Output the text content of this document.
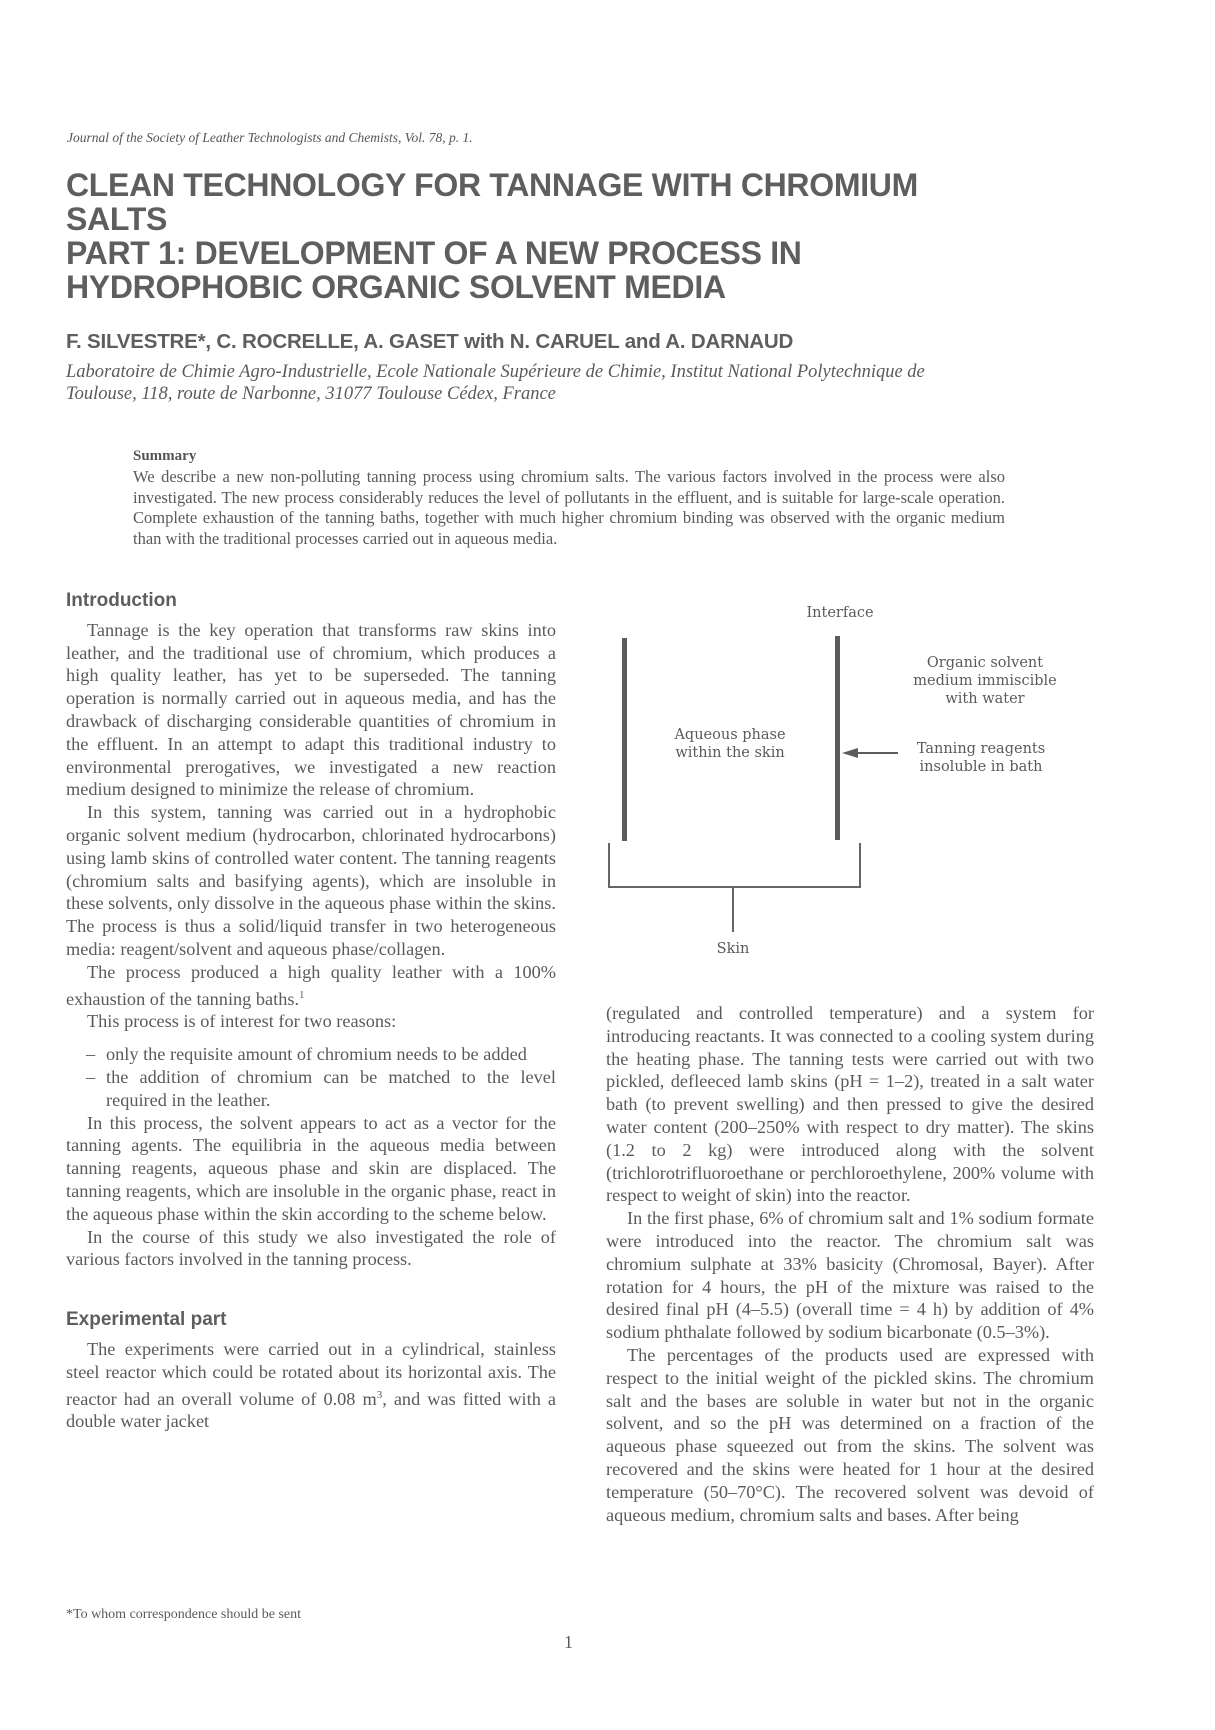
Journal of the Society of Leather Technologists and Chemists, Vol. 78, p. 1.
CLEAN TECHNOLOGY FOR TANNAGE WITH CHROMIUM
SALTS
PART 1: DEVELOPMENT OF A NEW PROCESS IN
HYDROPHOBIC ORGANIC SOLVENT MEDIA
F. SILVESTRE*, C. ROCRELLE, A. GASET with N. CARUEL and A. DARNAUD
Laboratoire de Chimie Agro-Industrielle, Ecole Nationale Supérieure de Chimie, Institut National Polytechnique de
Toulouse, 118, route de Narbonne, 31077 Toulouse Cédex, France
Summary
We describe a new non-polluting tanning process using chromium salts. The various factors involved in the process were also investigated. The new process considerably reduces the level of pollutants in the effluent, and is suitable for large-scale operation. Complete exhaustion of the tanning baths, together with much higher chromium binding was observed with the organic medium than with the traditional processes carried out in aqueous media.
Introduction

Tannage is the key operation that transforms raw skins into leather, and the traditional use of chromium, which produces a high quality leather, has yet to be superseded. The tanning operation is normally carried out in aqueous media, and has the drawback of discharging considerable quantities of chromium in the effluent. In an attempt to adapt this traditional industry to environmental prerogatives, we investigated a new reaction medium designed to minimize the release of chromium.

In this system, tanning was carried out in a hydrophobic organic solvent medium (hydrocarbon, chlorinated hydrocarbons) using lamb skins of controlled water content. The tanning reagents (chromium salts and basifying agents), which are insoluble in these solvents, only dissolve in the aqueous phase within the skins. The process is thus a solid/liquid transfer in two heterogeneous media: reagent/solvent and aqueous phase/collagen.

The process produced a high quality leather with a 100% exhaustion of the tanning baths.$^1$

This process is of interest for two reasons:

– only the requisite amount of chromium needs to be added
– the addition of chromium can be matched to the level required in the leather.

In this process, the solvent appears to act as a vector for the tanning agents. The equilibria in the aqueous media between tanning reagents, aqueous phase and skin are displaced. The tanning reagents, which are insoluble in the organic phase, react in the aqueous phase within the skin according to the scheme below.

In the course of this study we also investigated the role of various factors involved in the tanning process.

Experimental part

The experiments were carried out in a cylindrical, stainless steel reactor which could be rotated about its horizontal axis. The reactor had an overall volume of 0.08 $m^3$, and was fitted with a double water jacket

*To whom correspondence should be sent
Interface
Aqueous phase
within the skin
Organic solvent
medium immiscible
with water
Tanning reagents
insoluble in bath
Skin

(regulated and controlled temperature) and a system for introducing reactants. It was connected to a cooling system during the heating phase. The tanning tests were carried out with two pickled, defleeced lamb skins (pH = 1–2), treated in a salt water bath (to prevent swelling) and then pressed to give the desired water content (200–250% with respect to dry matter). The skins (1.2 to 2 kg) were introduced along with the solvent (trichlorotrifluoroethane or perchloroethylene, 200% volume with respect to weight of skin) into the reactor.

In the first phase, 6% of chromium salt and 1% sodium formate were introduced into the reactor. The chromium salt was chromium sulphate at 33% basicity (Chromosal, Bayer). After rotation for 4 hours, the pH of the mixture was raised to the desired final pH (4–5.5) (overall time = 4 h) by addition of 4% sodium phthalate followed by sodium bicarbonate (0.5–3%).

The percentages of the products used are expressed with respect to the initial weight of the pickled skins. The chromium salt and the bases are soluble in water but not in the organic solvent, and so the pH was determined on a fraction of the aqueous phase squeezed out from the skins. The solvent was recovered and the skins were heated for 1 hour at the desired temperature (50–70°C). The recovered solvent was devoid of aqueous medium, chromium salts and bases. After being

1
